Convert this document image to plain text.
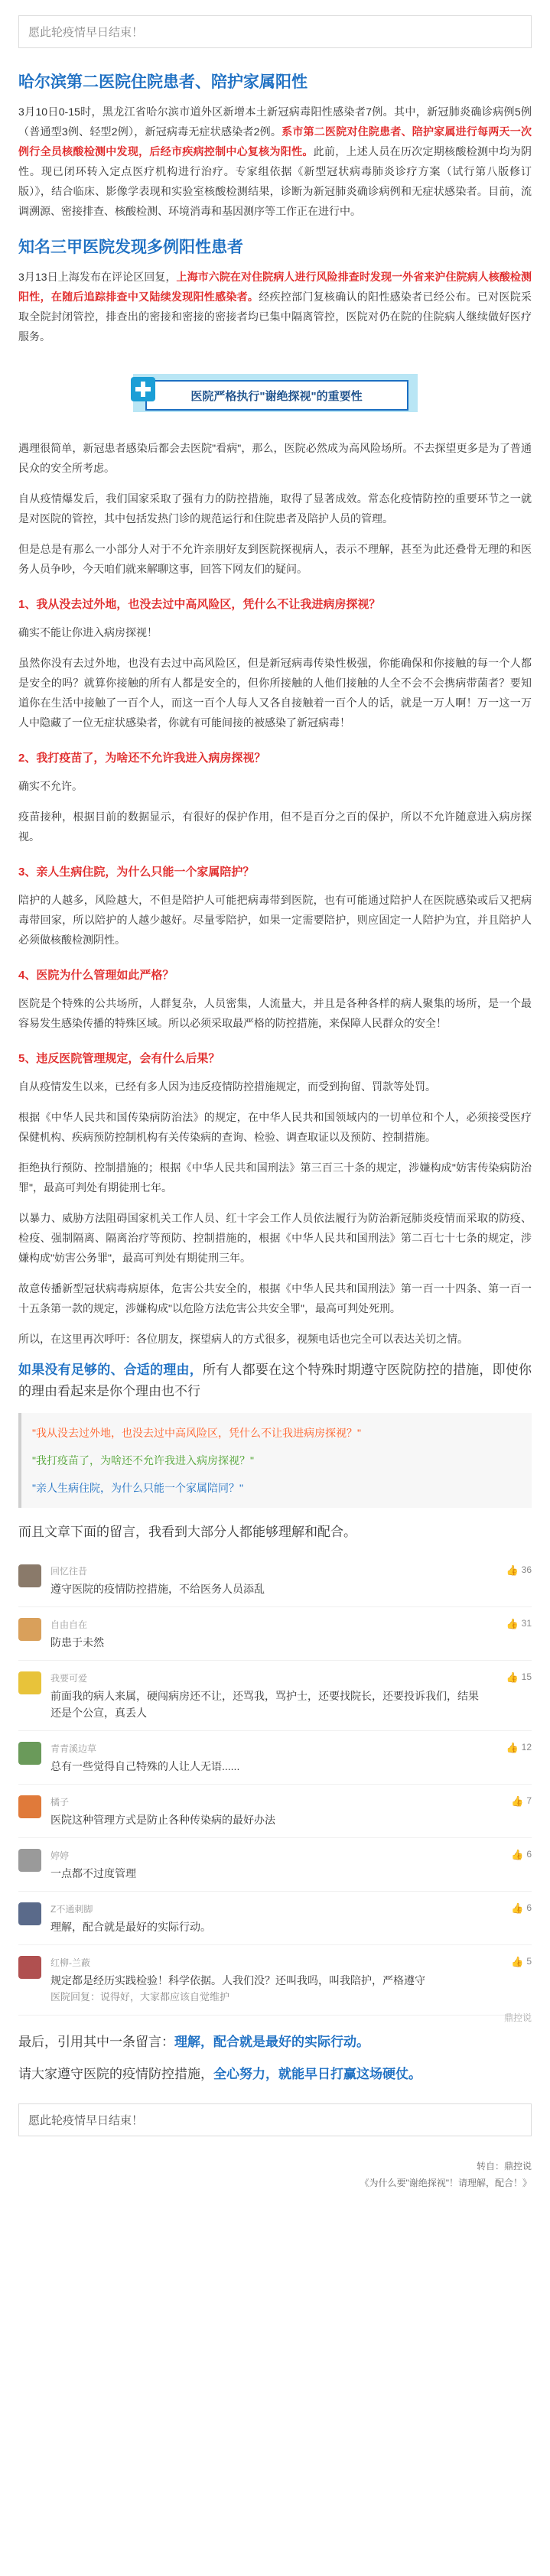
愿此轮疫情早日结束！
哈尔滨第二医院住院患者、陪护家属阳性

3月10日0-15时，黑龙江省哈尔滨市道外区新增本土新冠病毒阳性感染者7例。其中，新冠肺炎确诊病例5例（普通型3例、轻型2例），新冠病毒无症状感染者2例。系市第二医院对住院患者、陪护家属进行每两天一次例行全员核酸检测中发现，后经市疾病控制中心复核为阳性。此前，上述人员在历次定期核酸检测中均为阴性。现已闭环转入定点医疗机构进行治疗。专家组依据《新型冠状病毒肺炎诊疗方案（试行第八版修订版）》，结合临床、影像学表现和实验室核酸检测结果，诊断为新冠肺炎确诊病例和无症状感染者。目前，流调溯源、密接排查、核酸检测、环境消毒和基因测序等工作正在进行中。

知名三甲医院发现多例阳性患者

3月13日上海发布在评论区回复，上海市六院在对住院病人进行风险排查时发现一外省来沪住院病人核酸检测阳性，在随后追踪排查中又陆续发现阳性感染者。经疾控部门复核确认的阳性感染者已经公布。已对医院采取全院封闭管控，排查出的密接和密接的密接者均已集中隔离管控，医院对仍在院的住院病人继续做好医疗服务。

医院严格执行"谢绝探视"的重要性

遇理很简单，新冠患者感染后都会去医院"看病"，那么，医院必然成为高风险场所。不去探望更多是为了普通民众的安全所考虑。

自从疫情爆发后，我们国家采取了强有力的防控措施，取得了显著成效。常态化疫情防控的重要环节之一就是对医院的管控，其中包括发热门诊的规范运行和住院患者及陪护人员的管理。

但是总是有那么一小部分人对于不允许亲朋好友到医院探视病人，表示不理解，甚至为此还叠骨无理的和医务人员争吵，今天咱们就来解聊这事，回答下网友们的疑问。

1、我从没去过外地，也没去过中高风险区，凭什么不让我进病房探视？

确实不能让你进入病房探视！

虽然你没有去过外地，也没有去过中高风险区，但是新冠病毒传染性极强，你能确保和你接触的每一个人都是安全的吗？就算你接触的所有人都是安全的，但你所接触的人他们接触的人全不会不会携病带菌者？要知道你在生活中接触了一百个人，而这一百个人每人又各自接触着一百个人的话，就是一万人啊！万一这一万人中隐藏了一位无症状感染者，你就有可能间接的被感染了新冠病毒！

2、我打疫苗了，为啥还不允许我进入病房探视？

确实不允许。

疫苗接种，根据目前的数据显示，有很好的保护作用，但不是百分之百的保护，所以不允许随意进入病房探视。

3、亲人生病住院，为什么只能一个家属陪护？

陪护的人越多，风险越大，不但是陪护人可能把病毒带到医院，也有可能通过陪护人在医院感染或后又把病毒带回家，所以陪护的人越少越好。尽量零陪护，如果一定需要陪护，则应固定一人陪护为宜，并且陪护人必须做核酸检测阴性。

4、医院为什么管理如此严格？

医院是个特殊的公共场所，人群复杂，人员密集，人流量大，并且是各种各样的病人聚集的场所，是一个最容易发生感染传播的特殊区域。所以必须采取最严格的防控措施，来保障人民群众的安全！

5、违反医院管理规定，会有什么后果？

自从疫情发生以来，已经有多人因为违反疫情防控措施规定，而受到拘留、罚款等处罚。

根据《中华人民共和国传染病防治法》的规定，在中华人民共和国领域内的一切单位和个人，必须接受医疗保健机构、疾病预防控制机构有关传染病的查询、检验、调查取证以及预防、控制措施。

拒绝执行预防、控制措施的；根据《中华人民共和国刑法》第三百三十条的规定，涉嫌构成"妨害传染病防治罪"，最高可判处有期徒刑七年。

以暴力、威胁方法阻碍国家机关工作人员、红十字会工作人员依法履行为防治新冠肺炎疫情而采取的防疫、检疫、强制隔离、隔离治疗等预防、控制措施的，根据《中华人民共和国刑法》第二百七十七条的规定，涉嫌构成"妨害公务罪"，最高可判处有期徒刑三年。

故意传播新型冠状病毒病原体，危害公共安全的，根据《中华人民共和国刑法》第一百一十四条、第一百一十五条第一款的规定，涉嫌构成"以危险方法危害公共安全罪"，最高可判处死刑。

所以，在这里再次呼吁：各位朋友，探望病人的方式很多，视频电话也完全可以表达关切之情。

如果没有足够的、合适的理由，所有人都要在这个特殊时期遵守医院防控的措施，即使你的理由看起来是你个理由也不行

"我从没去过外地，也没去过中高风险区，凭什么不让我进病房探视？"
"我打疫苗了，为啥还不允许我进入病房探视？"
"亲人生病住院，为什么只能一个家属陪同？"

而且文章下面的留言，我看到大部分人都能够理解和配合。

回忆往昔
遵守医院的疫情防控措施，不给医务人员添乱
👍 36
自由自在
防患于未然
👍 31
我要可爱
前面我的病人来属，硬闯病房还不让，还骂我，骂护士，还要找院长，还要投诉我们，结果还是个公宣，真丢人
👍 15
青青溪边草
总有一些觉得自己特殊的人让人无语......
👍 12
橘子
医院这种管理方式是防止各种传染病的最好办法
👍 7
婷婷
一点都不过度管理
👍 6
Z不通刺脚
理解，配合就是最好的实际行动。
👍 6
红柳-兰蔽
规定都是经历实践检验！科学依据。人我们没？还叫我吗，叫我陪护，严格遵守
医院回复：说得好，大家都应该自觉维护
👍 5
鼎控说

最后，引用其中一条留言：理解，配合就是最好的实际行动。

请大家遵守医院的疫情防控措施，全心努力，就能早日打赢这场硬仗。

愿此轮疫情早日结束！
转自：鼎控说
《为什么要"谢绝探视"！请理解，配合！》
